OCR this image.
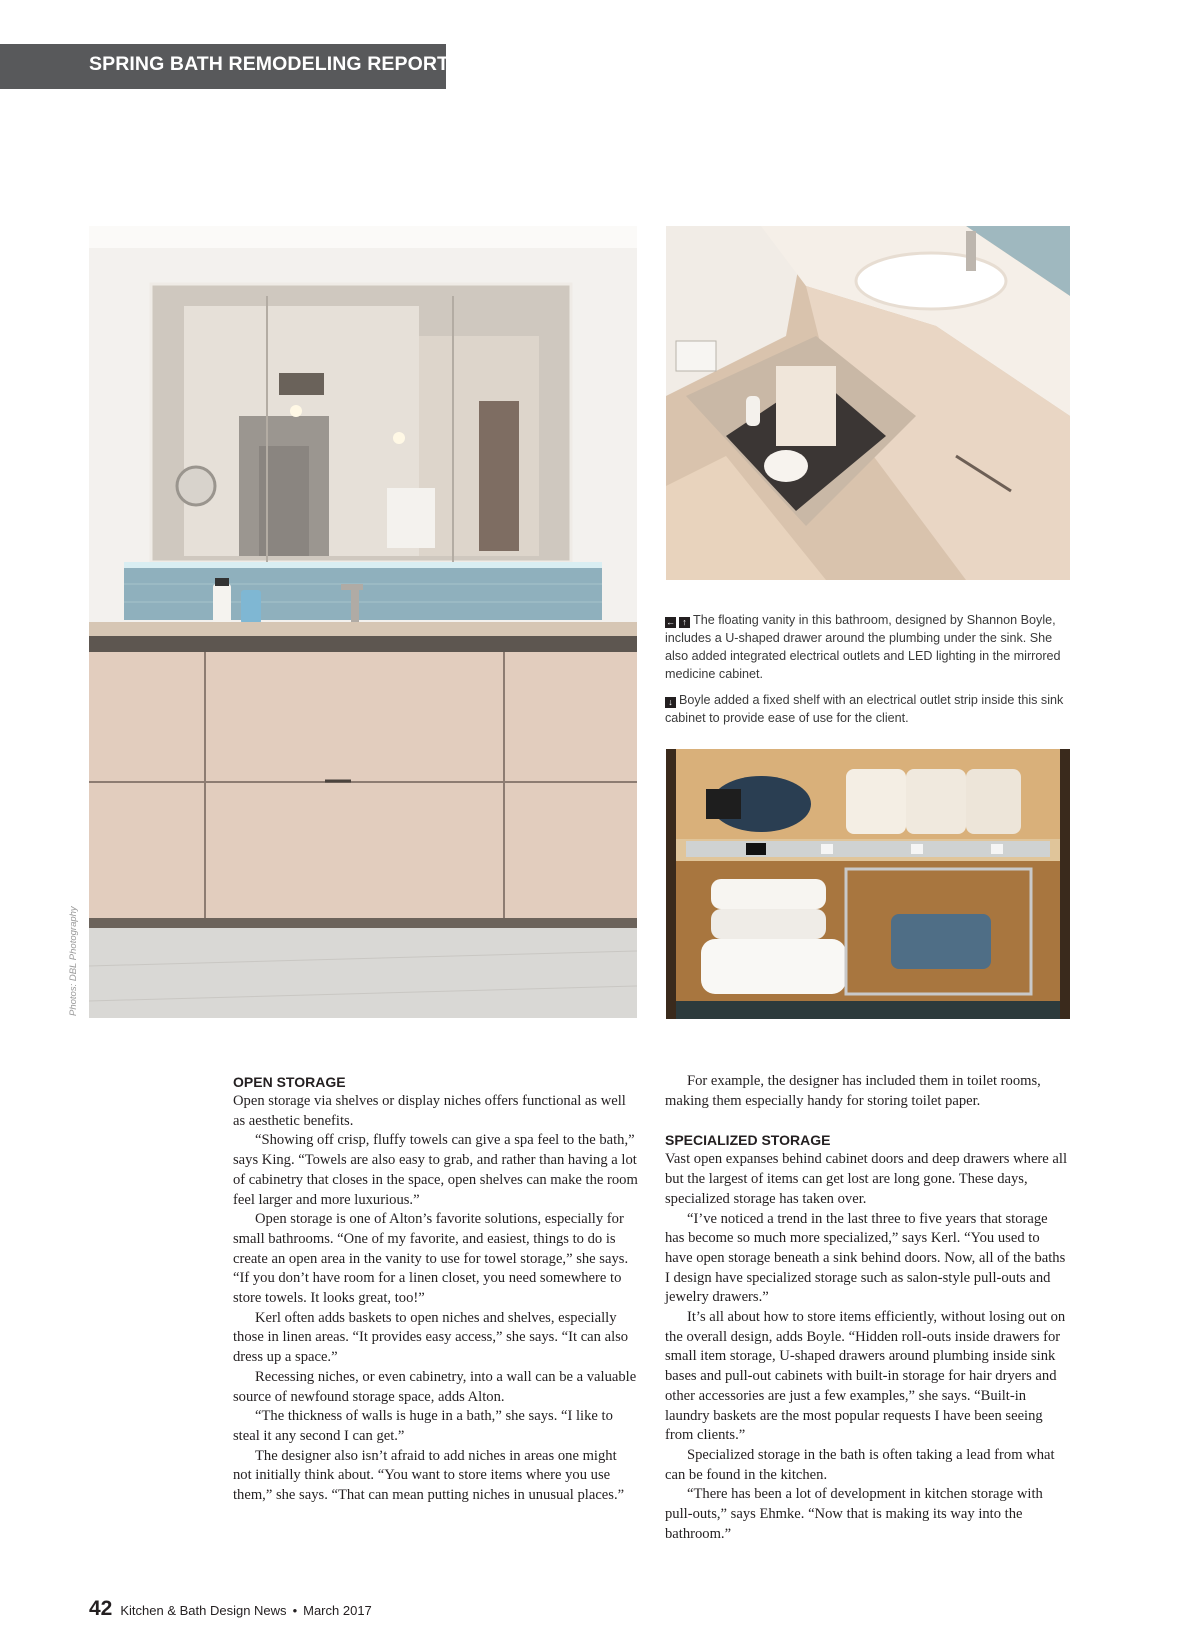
SPRING BATH REMODELING REPORT
Photos: DBL Photography
← ↑ The floating vanity in this bathroom, designed by Shannon Boyle, includes a U-shaped drawer around the plumbing under the sink. She also added integrated electrical outlets and LED lighting in the mirrored medicine cabinet.
↓ Boyle added a fixed shelf with an electrical outlet strip inside this sink cabinet to provide ease of use for the client.
OPEN STORAGE

Open storage via shelves or display niches offers functional as well as aesthetic benefits.

“Showing off crisp, fluffy towels can give a spa feel to the bath,” says King. “Towels are also easy to grab, and rather than having a lot of cabinetry that closes in the space, open shelves can make the room feel larger and more luxurious.”

Open storage is one of Alton’s favorite solutions, especially for small bathrooms. “One of my favorite, and easiest, things to do is create an open area in the vanity to use for towel storage,” she says. “If you don’t have room for a linen closet, you need somewhere to store towels. It looks great, too!”

Kerl often adds baskets to open niches and shelves, especially those in linen areas. “It provides easy access,” she says. “It can also dress up a space.”

Recessing niches, or even cabinetry, into a wall can be a valuable source of newfound storage space, adds Alton.

“The thickness of walls is huge in a bath,” she says. “I like to steal it any second I can get.”

The designer also isn’t afraid to add niches in areas one might not initially think about. “You want to store items where you use them,” she says. “That can mean putting niches in unusual places.”

For example, the designer has included them in toilet rooms, making them especially handy for storing toilet paper.

SPECIALIZED STORAGE

Vast open expanses behind cabinet doors and deep drawers where all but the largest of items can get lost are long gone. These days, specialized storage has taken over.

“I’ve noticed a trend in the last three to five years that storage has become so much more specialized,” says Kerl. “You used to have open storage beneath a sink behind doors. Now, all of the baths I design have specialized storage such as salon-style pull-outs and jewelry drawers.”

It’s all about how to store items efficiently, without losing out on the overall design, adds Boyle. “Hidden roll-outs inside drawers for small item storage, U-shaped drawers around plumbing inside sink bases and pull-out cabinets with built-in storage for hair dryers and other accessories are just a few examples,” she says. “Built-in laundry baskets are the most popular requests I have been seeing from clients.”

Specialized storage in the bath is often taking a lead from what can be found in the kitchen.

“There has been a lot of development in kitchen storage with pull-outs,” says Ehmke. “Now that is making its way into the bathroom.”

42 Kitchen & Bath Design News • March 2017
